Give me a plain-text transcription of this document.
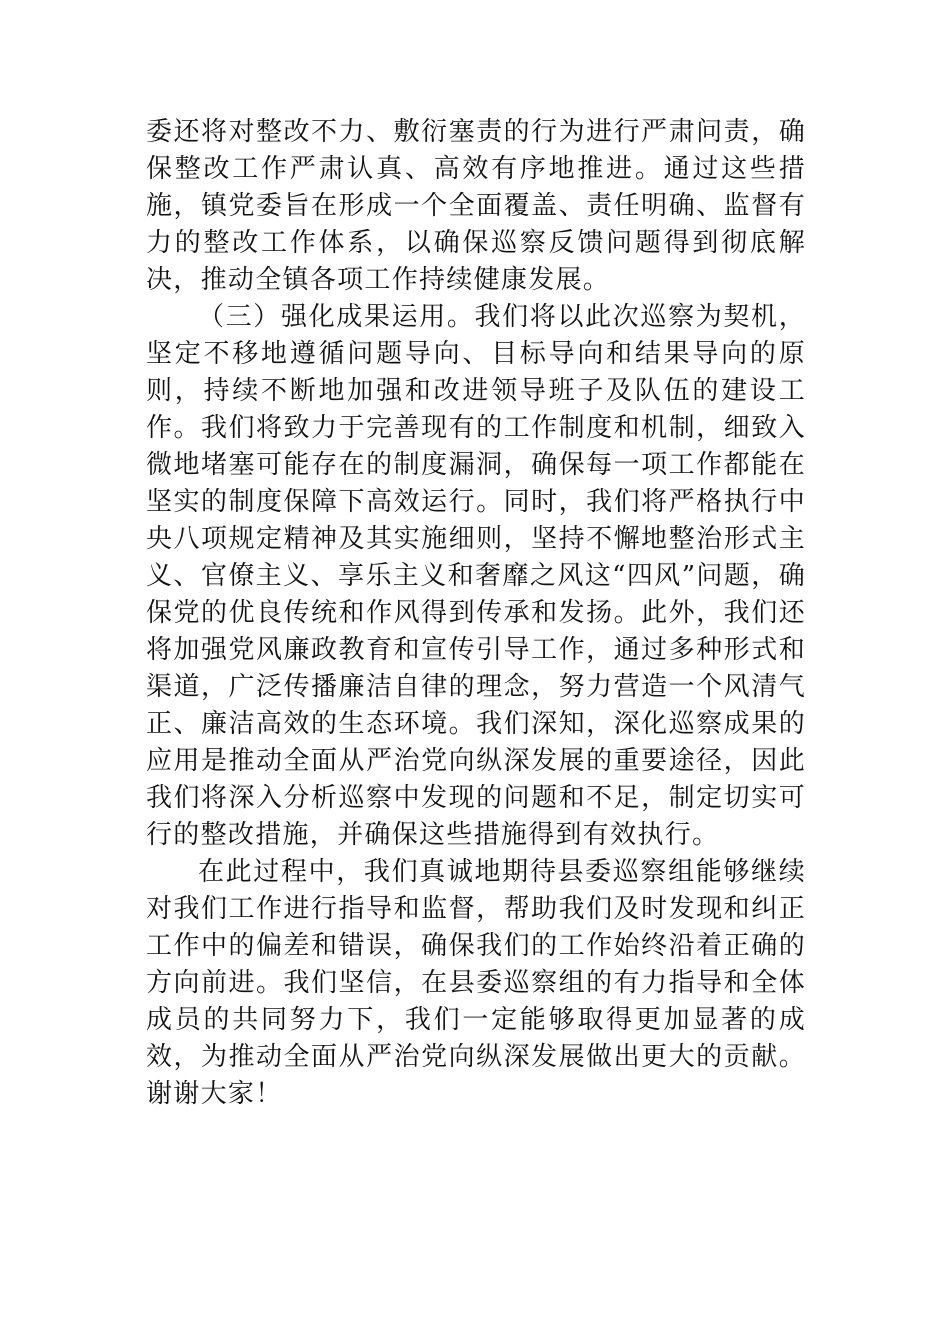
委还将对整改不力、敷衍塞责的行为进行严肃问责，确保整改工作严肃认真、高效有序地推进。通过这些措施，镇党委旨在形成一个全面覆盖、责任明确、监督有力的整改工作体系，以确保巡察反馈问题得到彻底解决，推动全镇各项工作持续健康发展。

（三）强化成果运用。我们将以此次巡察为契机，坚定不移地遵循问题导向、目标导向和结果导向的原则，持续不断地加强和改进领导班子及队伍的建设工作。我们将致力于完善现有的工作制度和机制，细致入微地堵塞可能存在的制度漏洞，确保每一项工作都能在坚实的制度保障下高效运行。同时，我们将严格执行中央八项规定精神及其实施细则，坚持不懈地整治形式主义、官僚主义、享乐主义和奢靡之风这“四风”问题，确保党的优良传统和作风得到传承和发扬。此外，我们还将加强党风廉政教育和宣传引导工作，通过多种形式和渠道，广泛传播廉洁自律的理念，努力营造一个风清气正、廉洁高效的生态环境。我们深知，深化巡察成果的应用是推动全面从严治党向纵深发展的重要途径，因此我们将深入分析巡察中发现的问题和不足，制定切实可行的整改措施，并确保这些措施得到有效执行。

在此过程中，我们真诚地期待县委巡察组能够继续对我们工作进行指导和监督，帮助我们及时发现和纠正工作中的偏差和错误，确保我们的工作始终沿着正确的方向前进。我们坚信，在县委巡察组的有力指导和全体成员的共同努力下，我们一定能够取得更加显著的成效，为推动全面从严治党向纵深发展做出更大的贡献。谢谢大家！
